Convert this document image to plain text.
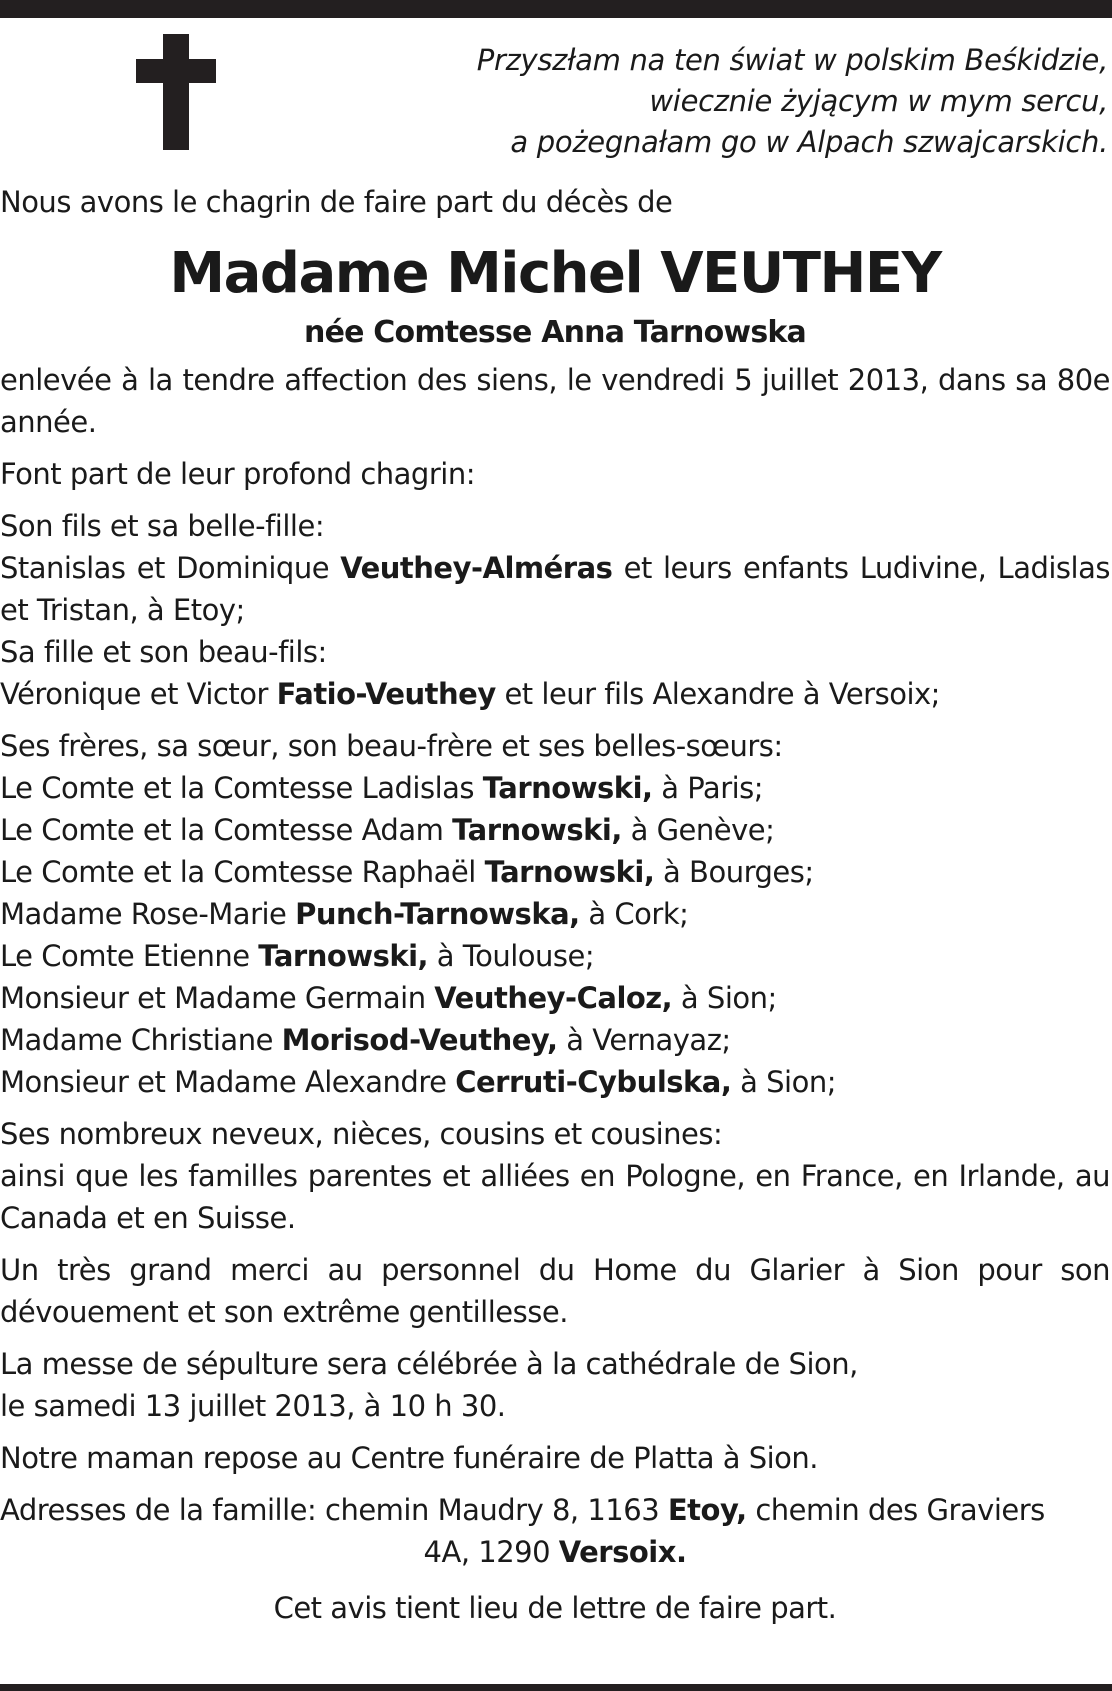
Przyszłam na ten świat w polskim Beśkidzie,
wiecznie żyjącym w mym sercu,
a pożegnałam go w Alpach szwajcarskich.
Nous avons le chagrin de faire part du décès de
Madame Michel VEUTHEY
née Comtesse Anna Tarnowska
enlevée à la tendre affection des siens, le vendredi 5 juillet 2013, dans sa 80e année.
Font part de leur profond chagrin:
Son fils et sa belle-fille:
Stanislas et Dominique Veuthey-Alméras et leurs enfants Ludivine, Ladislas et Tristan, à Etoy;
Sa fille et son beau-fils:
Véronique et Victor Fatio-Veuthey et leur fils Alexandre à Versoix;
Ses frères, sa sœur, son beau-frère et ses belles-sœurs:
Le Comte et la Comtesse Ladislas Tarnowski, à Paris;
Le Comte et la Comtesse Adam Tarnowski, à Genève;
Le Comte et la Comtesse Raphaël Tarnowski, à Bourges;
Madame Rose-Marie Punch-Tarnowska, à Cork;
Le Comte Etienne Tarnowski, à Toulouse;
Monsieur et Madame Germain Veuthey-Caloz, à Sion;
Madame Christiane Morisod-Veuthey, à Vernayaz;
Monsieur et Madame Alexandre Cerruti-Cybulska, à Sion;
Ses nombreux neveux, nièces, cousins et cousines:
ainsi que les familles parentes et alliées en Pologne, en France, en Irlande, au Canada et en Suisse.
Un très grand merci au personnel du Home du Glarier à Sion pour son dévouement et son extrême gentillesse.
La messe de sépulture sera célébrée à la cathédrale de Sion,
le samedi 13 juillet 2013, à 10 h 30.
Notre maman repose au Centre funéraire de Platta à Sion.
Adresses de la famille: chemin Maudry 8, 1163 Etoy, chemin des Graviers
4A, 1290 Versoix.
Cet avis tient lieu de lettre de faire part.
